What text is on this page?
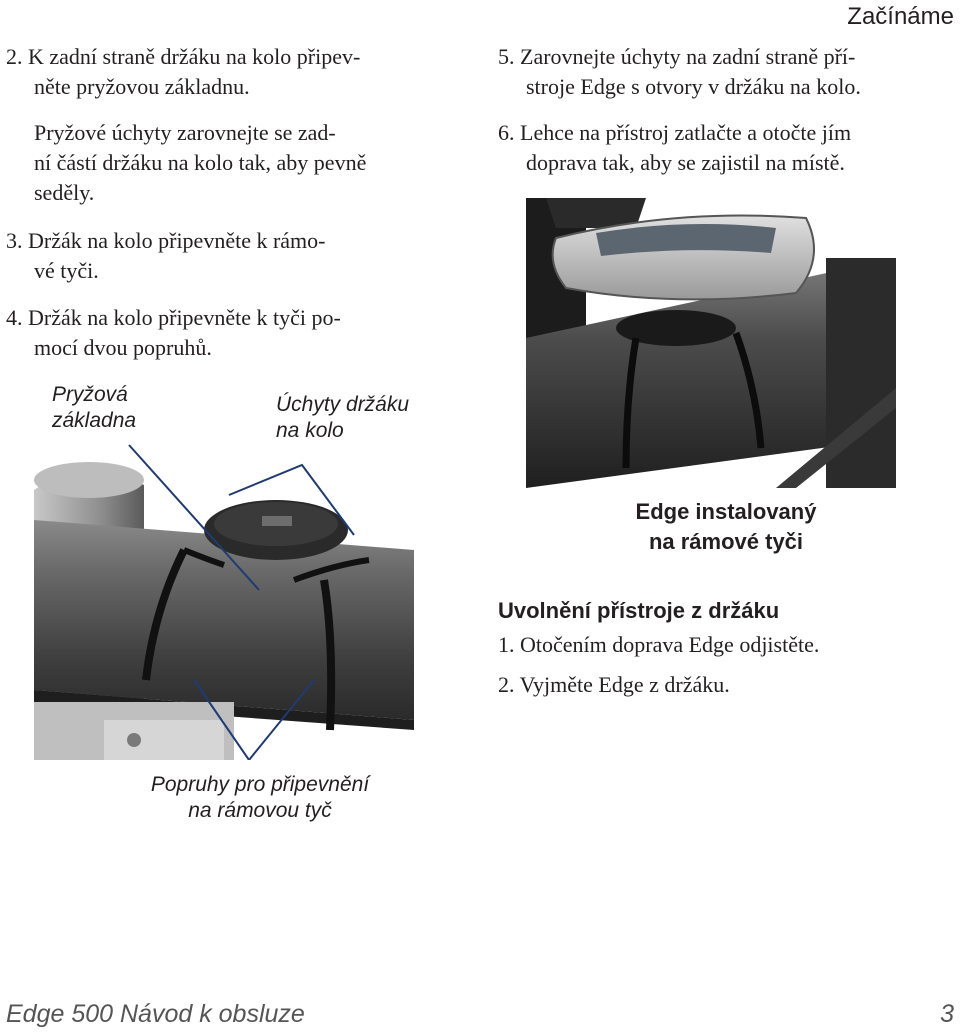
Začínáme
2. K zadní straně držáku na kolo připev-
něte pryžovou základnu.
Pryžové úchyty zarovnejte se zad-
ní částí držáku na kolo tak, aby pevně
seděly.
3. Držák na kolo připevněte k rámo-
vé tyči.
4. Držák na kolo připevněte k tyči po-
mocí dvou popruhů.
Pryžová
základna
Úchyty držáku
na kolo
Popruhy pro připevnění
na rámovou tyč
5. Zarovnejte úchyty na zadní straně pří-
stroje Edge s otvory v držáku na kolo.
6. Lehce na přístroj zatlačte a otočte jím
doprava tak, aby se zajistil na místě.
Edge instalovaný
na rámové tyči
Uvolnění přístroje z držáku
1. Otočením doprava Edge odjistěte.
2. Vyjměte Edge z držáku.
Edge 500 Návod k obsluze	3
